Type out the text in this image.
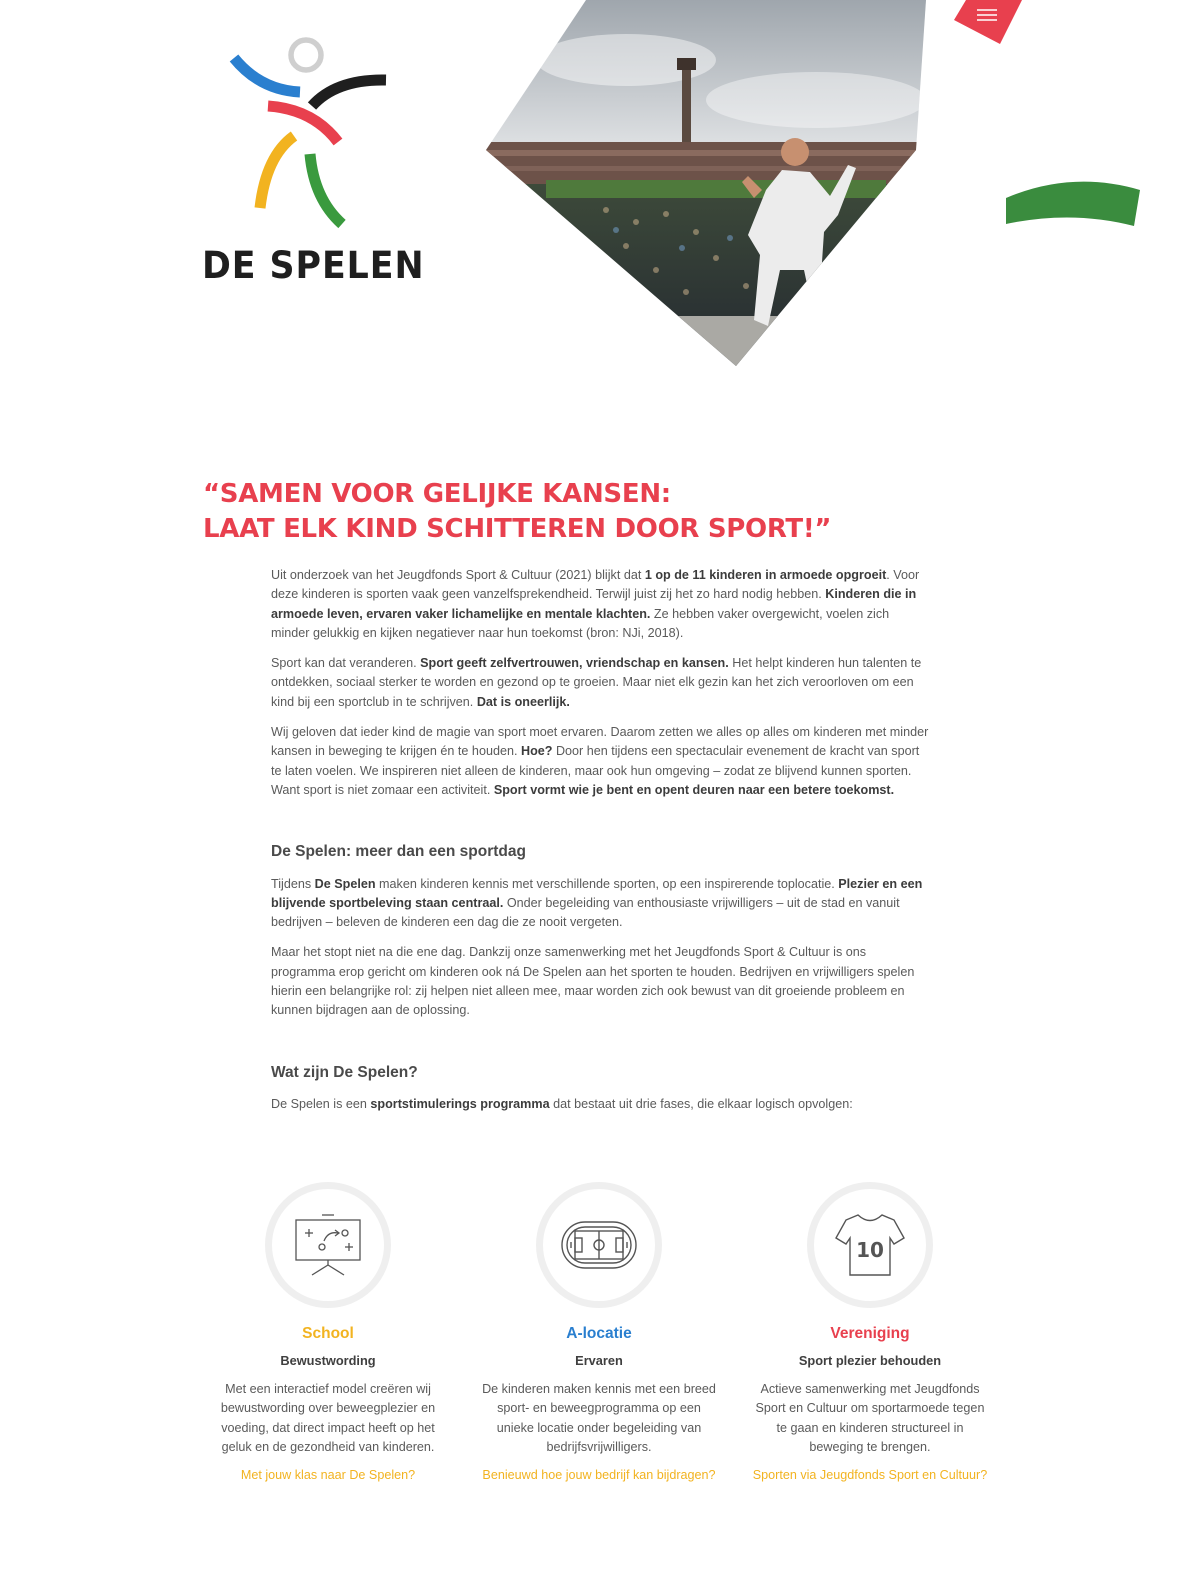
DE SPELEN
“SAMEN VOOR GELIJKE KANSEN:
LAAT ELK KIND SCHITTEREN DOOR SPORT!”

Uit onderzoek van het Jeugdfonds Sport & Cultuur (2021) blijkt dat 1 op de 11 kinderen in armoede opgroeit. Voor deze kinderen is sporten vaak geen vanzelfsprekendheid. Terwijl juist zij het zo hard nodig hebben. Kinderen die in armoede leven, ervaren vaker lichamelijke en mentale klachten. Ze hebben vaker overgewicht, voelen zich minder gelukkig en kijken negatiever naar hun toekomst (bron: NJi, 2018).

Sport kan dat veranderen. Sport geeft zelfvertrouwen, vriendschap en kansen. Het helpt kinderen hun talenten te ontdekken, sociaal sterker te worden en gezond op te groeien. Maar niet elk gezin kan het zich veroorloven om een kind bij een sportclub in te schrijven. Dat is oneerlijk.

Wij geloven dat ieder kind de magie van sport moet ervaren. Daarom zetten we alles op alles om kinderen met minder kansen in beweging te krijgen én te houden. Hoe? Door hen tijdens een spectaculair evenement de kracht van sport te laten voelen. We inspireren niet alleen de kinderen, maar ook hun omgeving – zodat ze blijvend kunnen sporten. Want sport is niet zomaar een activiteit. Sport vormt wie je bent en opent deuren naar een betere toekomst.

De Spelen: meer dan een sportdag

Tijdens De Spelen maken kinderen kennis met verschillende sporten, op een inspirerende toplocatie. Plezier en een blijvende sportbeleving staan centraal. Onder begeleiding van enthousiaste vrijwilligers – uit de stad en vanuit bedrijven – beleven de kinderen een dag die ze nooit vergeten.

Maar het stopt niet na die ene dag. Dankzij onze samenwerking met het Jeugdfonds Sport & Cultuur is ons programma erop gericht om kinderen ook ná De Spelen aan het sporten te houden. Bedrijven en vrijwilligers spelen hierin een belangrijke rol: zij helpen niet alleen mee, maar worden zich ook bewust van dit groeiende probleem en kunnen bijdragen aan de oplossing.

Wat zijn De Spelen?

De Spelen is een sportstimulerings programma dat bestaat uit drie fases, die elkaar logisch opvolgen:

School
Bewustwording
Met een interactief model creëren wij bewustwording over beweegplezier en voeding, dat direct impact heeft op het geluk en de gezondheid van kinderen.
Met jouw klas naar De Spelen?
A-locatie
Ervaren
De kinderen maken kennis met een breed sport- en beweegprogramma op een unieke locatie onder begeleiding van bedrijfsvrijwilligers.
Benieuwd hoe jouw bedrijf kan bijdragen?
10
Vereniging
Sport plezier behouden
Actieve samenwerking met Jeugdfonds Sport en Cultuur om sportarmoede tegen te gaan en kinderen structureel in beweging te brengen.
Sporten via Jeugdfonds Sport en Cultuur?
